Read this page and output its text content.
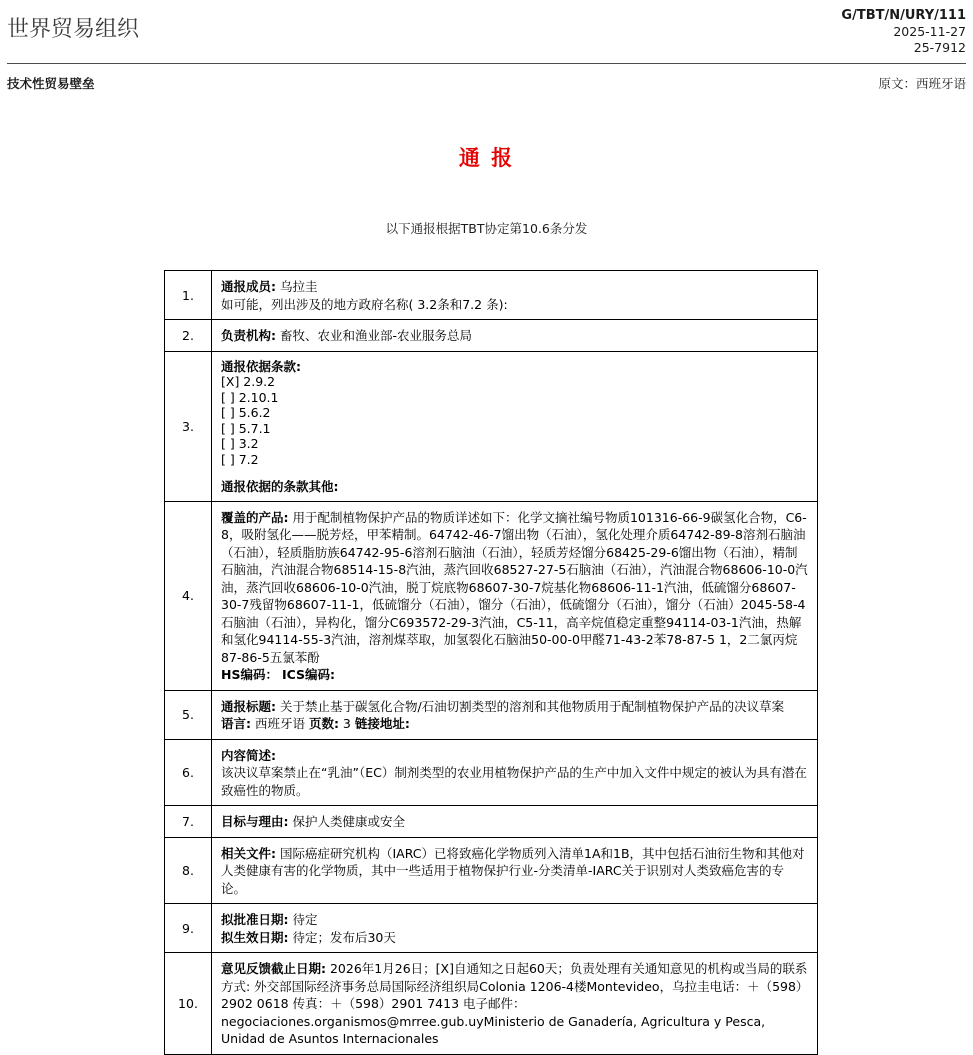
世界贸易组织
G/TBT/N/URY/111
2025-11-27
25-7912
技术性贸易壁垒	原文：西班牙语
通 报

以下通报根据TBT协定第10.6条分发

1.	通报成员: 乌拉圭
如可能，列出涉及的地方政府名称( 3.2条和7.2 条):

2.	负责机构: 畜牧、农业和渔业部-农业服务总局

3.	
通报依据条款:
[X] 2.9.2
[ ] 2.10.1
[ ] 5.6.2
[ ] 5.7.1
[ ] 3.2
[ ] 7.2
通报依据的条款其他:

4.	覆盖的产品: 用于配制植物保护产品的物质详述如下：化学文摘社编号物质101316-66-9碳氢化合物，C6-8，吸附氢化——脱芳烃，甲苯精制。64742-46-7馏出物（石油），氢化处理介质64742-89-8溶剂石脑油（石油），轻质脂肪族64742-95-6溶剂石脑油（石油），轻质芳烃馏分68425-29-6馏出物（石油），精制石脑油，汽油混合物68514-15-8汽油，蒸汽回收68527-27-5石脑油（石油），汽油混合物68606-10-0汽油，蒸汽回收68606-10-0汽油，脱丁烷底物68607-30-7烷基化物68606-11-1汽油，低硫馏分68607-30-7残留物68607-11-1，低硫馏分（石油），馏分（石油），低硫馏分（石油），馏分（石油）2045-58-4石脑油（石油），异构化，馏分C693572-29-3汽油，C5-11，高辛烷值稳定重整94114-03-1汽油，热解和氢化94114-55-3汽油，溶剂煤萃取，加氢裂化石脑油50-00-0甲醛71-43-2苯78-87-5 1，2二氯丙烷87-86-5五氯苯酚
HS编码： ICS编码:

5.	通报标题: 关于禁止基于碳氢化合物/石油切割类型的溶剂和其他物质用于配制植物保护产品的决议草案
语言: 西班牙语 页数: 3 链接地址:

6.	内容简述:
该决议草案禁止在“乳油”（EC）制剂类型的农业用植物保护产品的生产中加入文件中规定的被认为具有潜在致癌性的物质。

7.	目标与理由: 保护人类健康或安全

8.	相关文件: 国际癌症研究机构（IARC）已将致癌化学物质列入清单1A和1B，其中包括石油衍生物和其他对人类健康有害的化学物质，其中一些适用于植物保护行业-分类清单-IARC关于识别对人类致癌危害的专论。

9.	拟批准日期: 待定
拟生效日期: 待定；发布后30天

10.	意见反馈截止日期: 2026年1月26日；[X]自通知之日起60天；负责处理有关通知意见的机构或当局的联系方式: 外交部国际经济事务总局国际经济组织局Colonia 1206-4楼Montevideo，乌拉圭电话：＋（598）2902 0618 传真：＋（598）2901 7413 电子邮件：negociaciones.organismos@mrree.gub.uyMinisterio de Ganadería, Agricultura y Pesca, Unidad de Asuntos Internacionales
